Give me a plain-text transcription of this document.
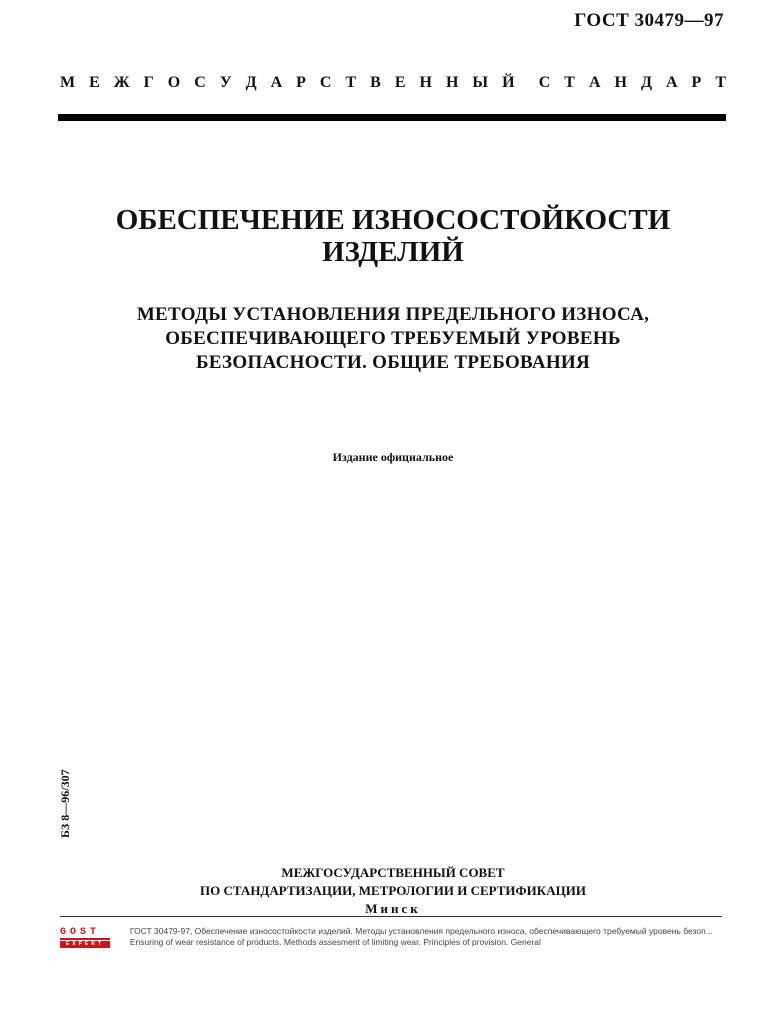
ГОСТ 30479—97
М Е Ж Г О С У Д А Р С Т В Е Н Н Ы Й С Т А Н Д А Р Т
ОБЕСПЕЧЕНИЕ ИЗНОСОСТОЙКОСТИ
ИЗДЕЛИЙ
МЕТОДЫ УСТАНОВЛЕНИЯ ПРЕДЕЛЬНОГО ИЗНОСА,
ОБЕСПЕЧИВАЮЩЕГО ТРЕБУЕМЫЙ УРОВЕНЬ
БЕЗОПАСНОСТИ. ОБЩИЕ ТРЕБОВАНИЯ
Издание официальное
БЗ 8—96/307
МЕЖГОСУДАРСТВЕННЫЙ СОВЕТ
ПО СТАНДАРТИЗАЦИИ, МЕТРОЛОГИИ И СЕРТИФИКАЦИИ
Минск
GOST
EXPERT
ГОСТ 30479-97, Обеспечение износостойкости изделий. Методы установления предельного износа, обеспечивающего требуемый уровень безоп...
Ensuring of wear resistance of products. Methods assesment of limiting wear. Principles of provision. General
